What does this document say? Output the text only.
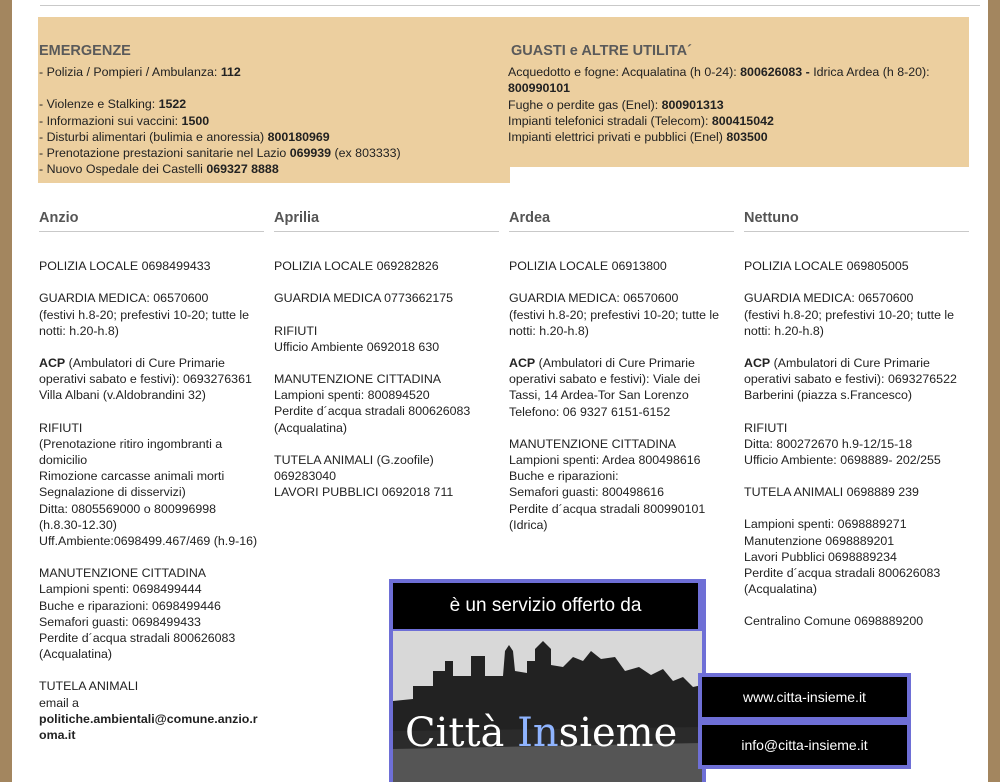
EMERGENZE
- Polizia / Pompieri / Ambulanza: 112
- Violenze e Stalking: 1522
- Informazioni sui vaccini: 1500
- Disturbi alimentari (bulimia e anoressia) 800180969
- Prenotazione prestazioni sanitarie nel Lazio 069939 (ex 803333)
- Nuovo Ospedale dei Castelli 069327 8888
GUASTI e ALTRE UTILITA´
Acquedotto e fogne: Acqualatina (h 0-24): 800626083 - Idrica Ardea (h 8-20): 800990101
Fughe o perdite gas (Enel): 800901313
Impianti telefonici stradali (Telecom): 800415042
Impianti elettrici privati e pubblici (Enel) 803500
Anzio

POLIZIA LOCALE 0698499433

GUARDIA MEDICA: 06570600

(festivi h.8-20; prefestivi 10-20; tutte le notti: h.20-h.8)

ACP (Ambulatori di Cure Primarie operativi sabato e festivi): 0693276361 Villa Albani (v.Aldobrandini 32)

RIFIUTI

(Prenotazione ritiro ingombranti a domicilio

Rimozione carcasse animali morti

Segnalazione di disservizi)

Ditta: 0805569000 o 800996998 (h.8.30-12.30)

Uff.Ambiente:0698499.467/469 (h.9-16)

MANUTENZIONE CITTADINA

Lampioni spenti: 0698499444

Buche e riparazioni: 0698499446

Semafori guasti: 0698499433

Perdite d´acqua stradali 800626083 (Acqualatina)

TUTELA ANIMALI

email a

politiche.ambientali@comune.anzio.roma.it

Aprilia

POLIZIA LOCALE 069282826

GUARDIA MEDICA 0773662175

RIFIUTI

Ufficio Ambiente 0692018 630

MANUTENZIONE CITTADINA

Lampioni spenti: 800894520

Perdite d´acqua stradali 800626083 (Acqualatina)

TUTELA ANIMALI (G.zoofile) 069283040

LAVORI PUBBLICI 0692018 711

Ardea

POLIZIA LOCALE 06913800

GUARDIA MEDICA: 06570600

(festivi h.8-20; prefestivi 10-20; tutte le notti: h.20-h.8)

ACP (Ambulatori di Cure Primarie operativi sabato e festivi): Viale dei Tassi, 14 Ardea-Tor San Lorenzo Telefono: 06 9327 6151-6152

MANUTENZIONE CITTADINA

Lampioni spenti: Ardea 800498616

Buche e riparazioni:

Semafori guasti: 800498616

Perdite d´acqua stradali 800990101 (Idrica)

Nettuno

POLIZIA LOCALE 069805005

GUARDIA MEDICA: 06570600

(festivi h.8-20; prefestivi 10-20; tutte le notti: h.20-h.8)

ACP (Ambulatori di Cure Primarie operativi sabato e festivi): 0693276522 Barberini (piazza s.Francesco)

RIFIUTI

Ditta: 800272670 h.9-12/15-18

Ufficio Ambiente: 0698889- 202/255

TUTELA ANIMALI 0698889 239

Lampioni spenti: 0698889271

Manutenzione 0698889201

Lavori Pubblici 0698889234

Perdite d´acqua stradali 800626083 (Acqualatina)

Centralino Comune 0698889200

è un servizio offerto da
Città Insieme
www.citta-insieme.it
info@citta-insieme.it
